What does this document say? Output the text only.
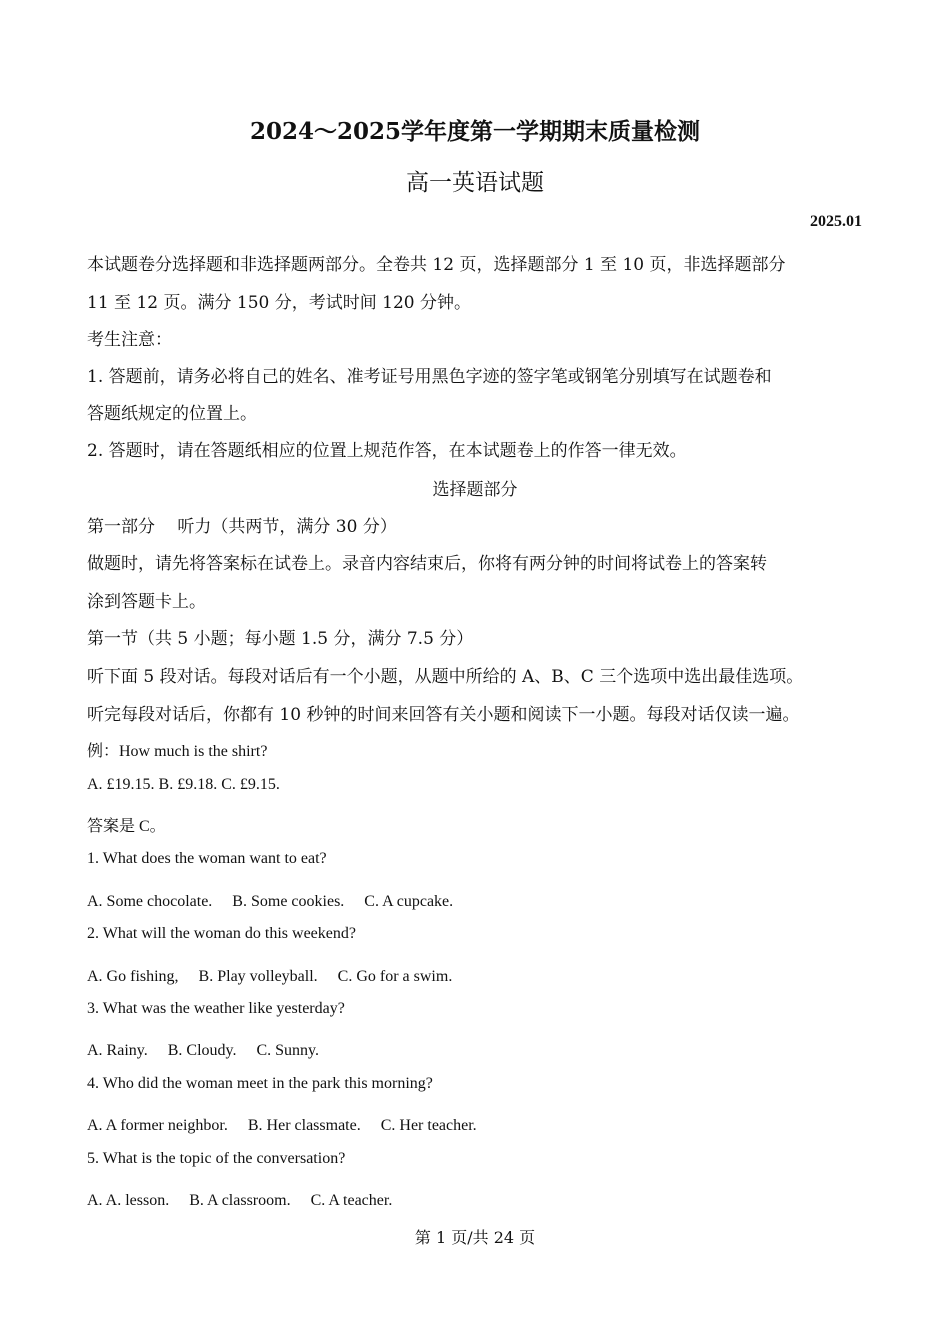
2024～2025学年度第一学期期末质量检测
高一英语试题
2025.01
本试题卷分选择题和非选择题两部分。全卷共 12 页，选择题部分 1 至 10 页，非选择题部分
11 至 12 页。满分 150 分，考试时间 120 分钟。
考生注意：
1. 答题前，请务必将自己的姓名、准考证号用黑色字迹的签字笔或钢笔分别填写在试题卷和
答题纸规定的位置上。
2. 答题时，请在答题纸相应的位置上规范作答，在本试题卷上的作答一律无效。
选择题部分
第一部分　 听力（共两节，满分 30 分）
做题时，请先将答案标在试卷上。录音内容结束后，你将有两分钟的时间将试卷上的答案转
涂到答题卡上。
第一节（共 5 小题；每小题 1.5 分，满分 7.5 分）
听下面 5 段对话。每段对话后有一个小题，从题中所给的 A、B、C 三个选项中选出最佳选项。
听完每段对话后，你都有 10 秒钟的时间来回答有关小题和阅读下一小题。每段对话仅读一遍。
例：How much is the shirt?
A. £19.15. B. £9.18. C. £9.15.
答案是 C。
1. What does the woman want to eat?
A. Some chocolate.　 B. Some cookies.　 C. A cupcake.
2. What will the woman do this weekend?
A. Go fishing,　 B. Play volleyball.　 C. Go for a swim.
3. What was the weather like yesterday?
A. Rainy.　 B. Cloudy.　 C. Sunny.
4. Who did the woman meet in the park this morning?
A. A former neighbor.　 B. Her classmate.　 C. Her teacher.
5. What is the topic of the conversation?
A. A. lesson.　 B. A classroom.　 C. A teacher.
第 1 页/共 24 页
